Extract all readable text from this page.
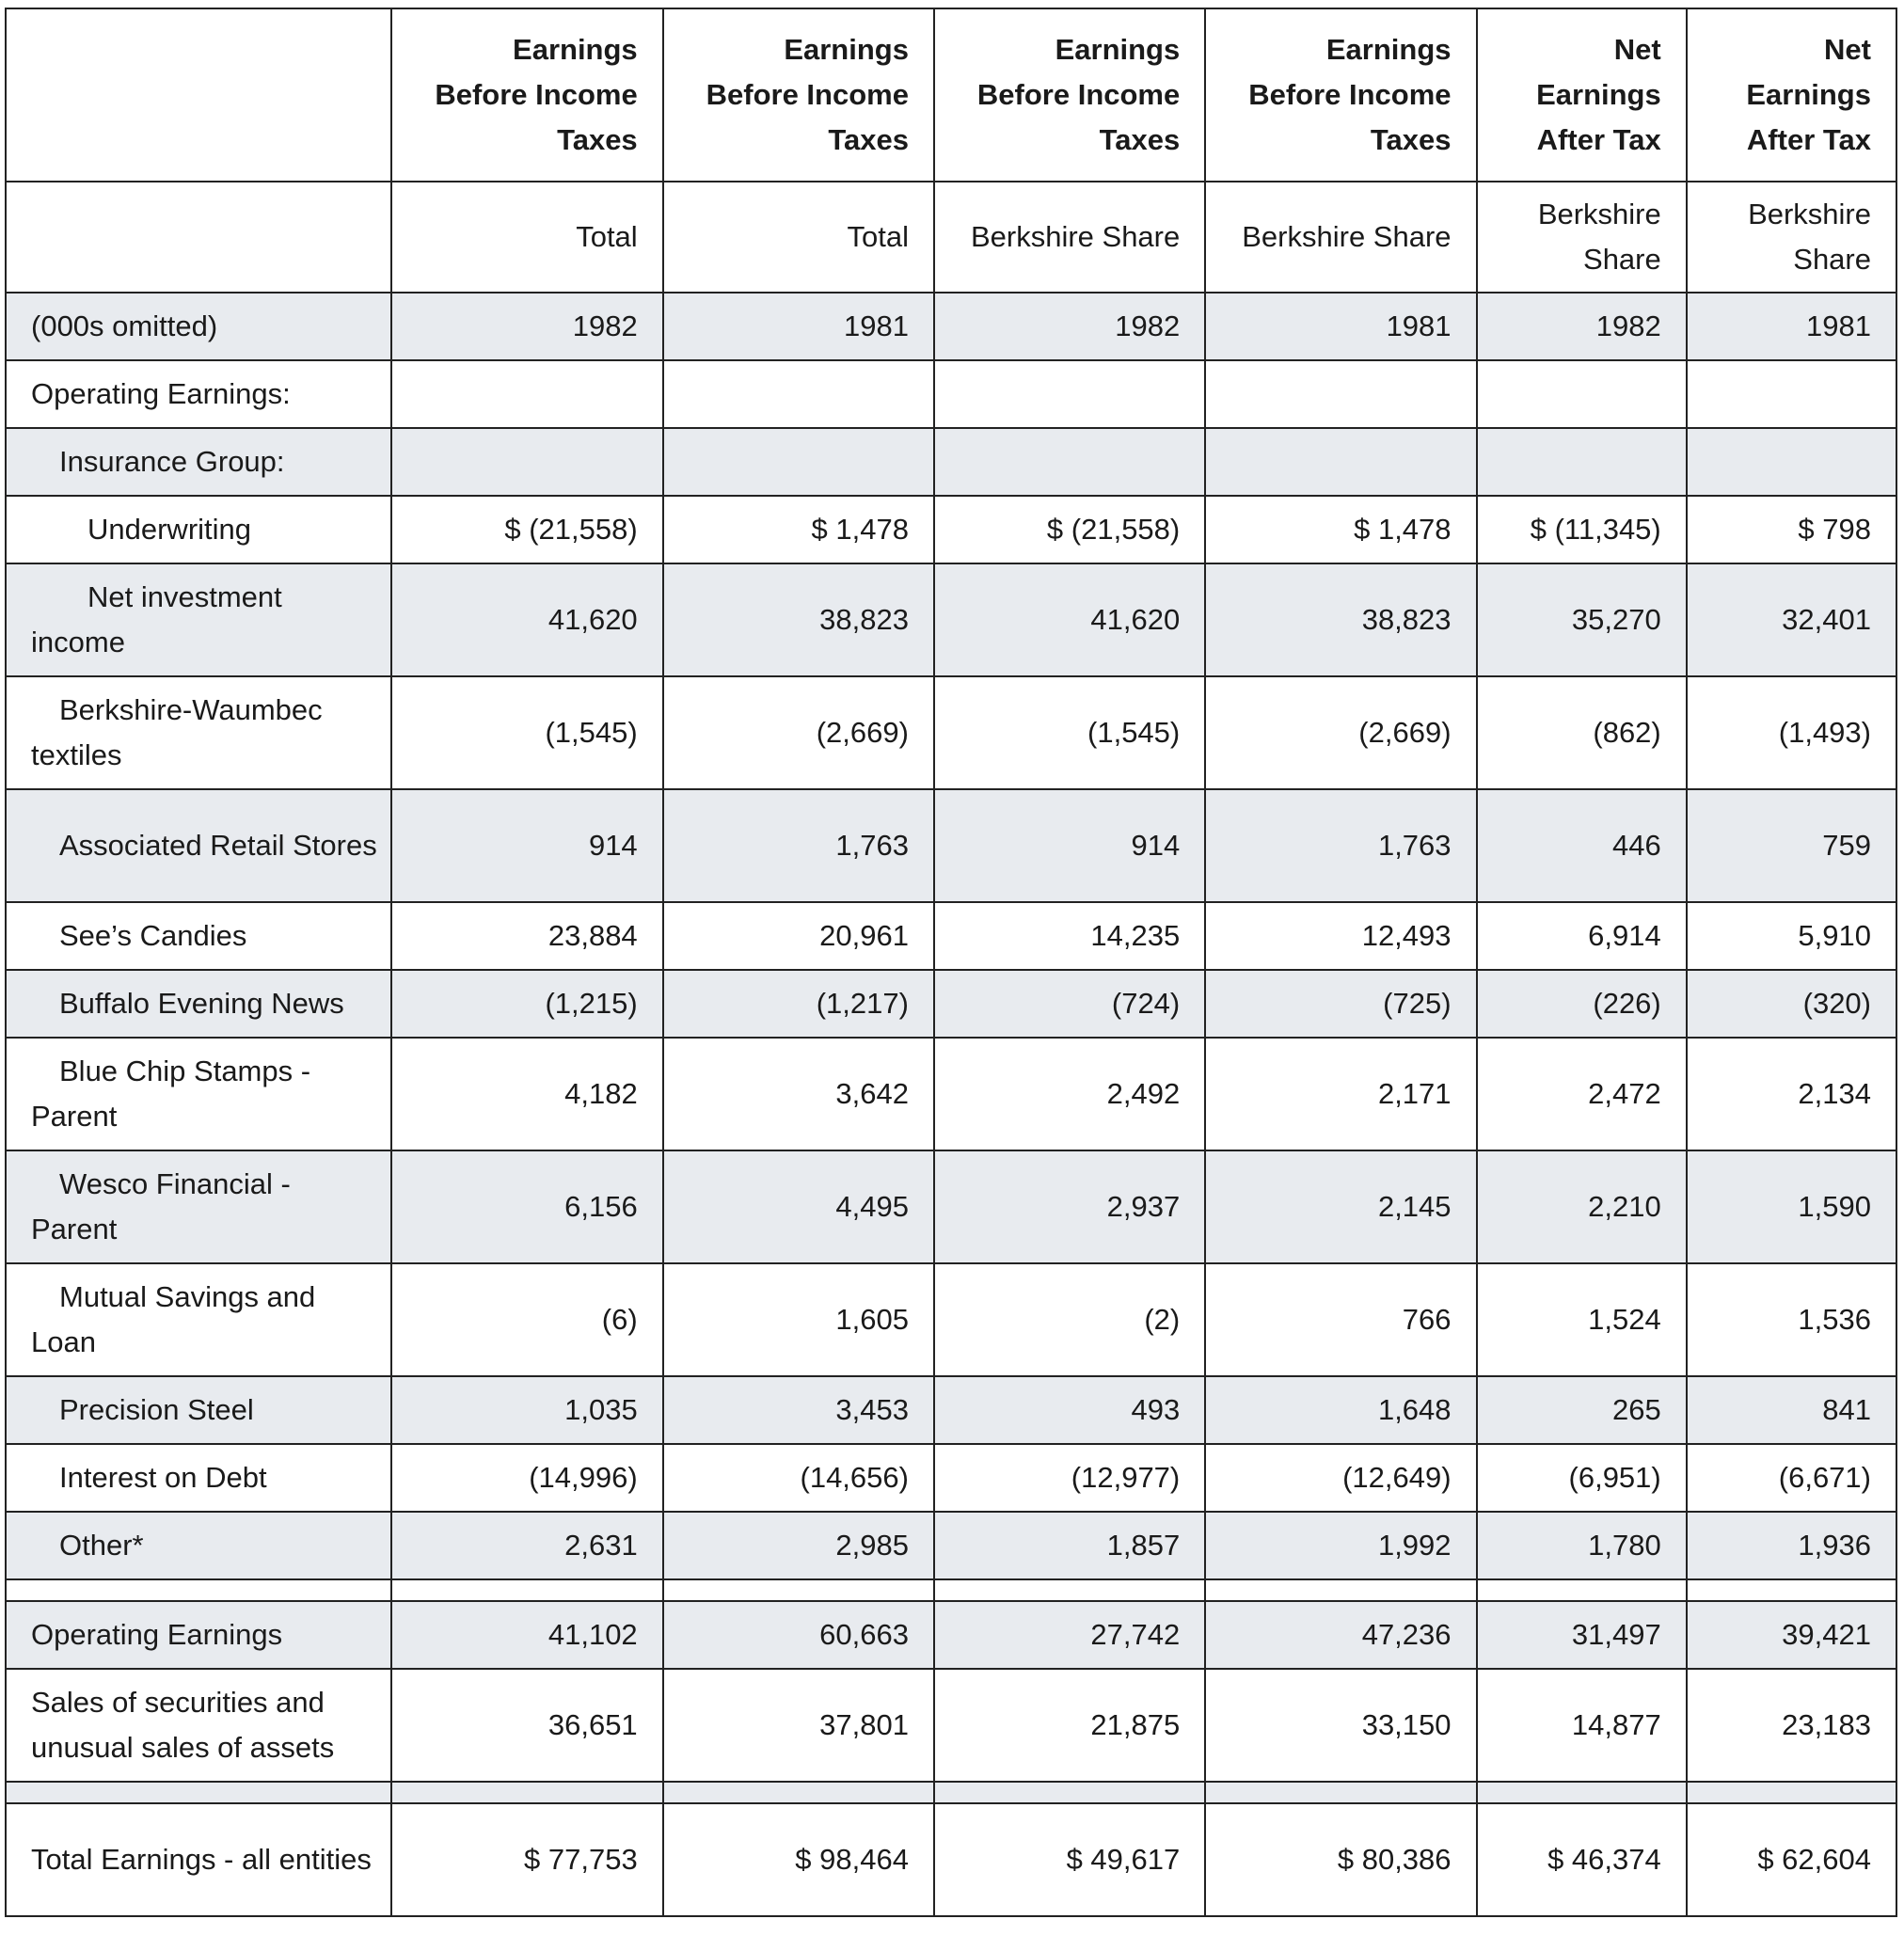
	Earnings Before Income Taxes	Earnings Before Income Taxes	Earnings Before Income Taxes	Earnings Before Income Taxes	Net Earnings After Tax	Net Earnings After Tax
	Total	Total	Berkshire Share	Berkshire Share	Berkshire Share	Berkshire Share
(000s omitted)	1982	1981	1982	1981	1982	1981
Operating Earnings:						
Insurance Group:						
Underwriting	$ (21,558)	$ 1,478	$ (21,558)	$ 1,478	$ (11,345)	$ 798
Net investment income	41,620	38,823	41,620	38,823	35,270	32,401
Berkshire-Waumbec textiles	(1,545)	(2,669)	(1,545)	(2,669)	(862)	(1,493)
Associated Retail Stores	914	1,763	914	1,763	446	759
See’s Candies	23,884	20,961	14,235	12,493	6,914	5,910
Buffalo Evening News	(1,215)	(1,217)	(724)	(725)	(226)	(320)
Blue Chip Stamps - Parent	4,182	3,642	2,492	2,171	2,472	2,134
Wesco Financial - Parent	6,156	4,495	2,937	2,145	2,210	1,590
Mutual Savings and Loan	(6)	1,605	(2)	766	1,524	1,536
Precision Steel	1,035	3,453	493	1,648	265	841
Interest on Debt	(14,996)	(14,656)	(12,977)	(12,649)	(6,951)	(6,671)
Other*	2,631	2,985	1,857	1,992	1,780	1,936

Operating Earnings	41,102	60,663	27,742	47,236	31,497	39,421
Sales of securities and unusual sales of assets	36,651	37,801	21,875	33,150	14,877	23,183

Total Earnings - all entities	$ 77,753	$ 98,464	$ 49,617	$ 80,386	$ 46,374	$ 62,604
